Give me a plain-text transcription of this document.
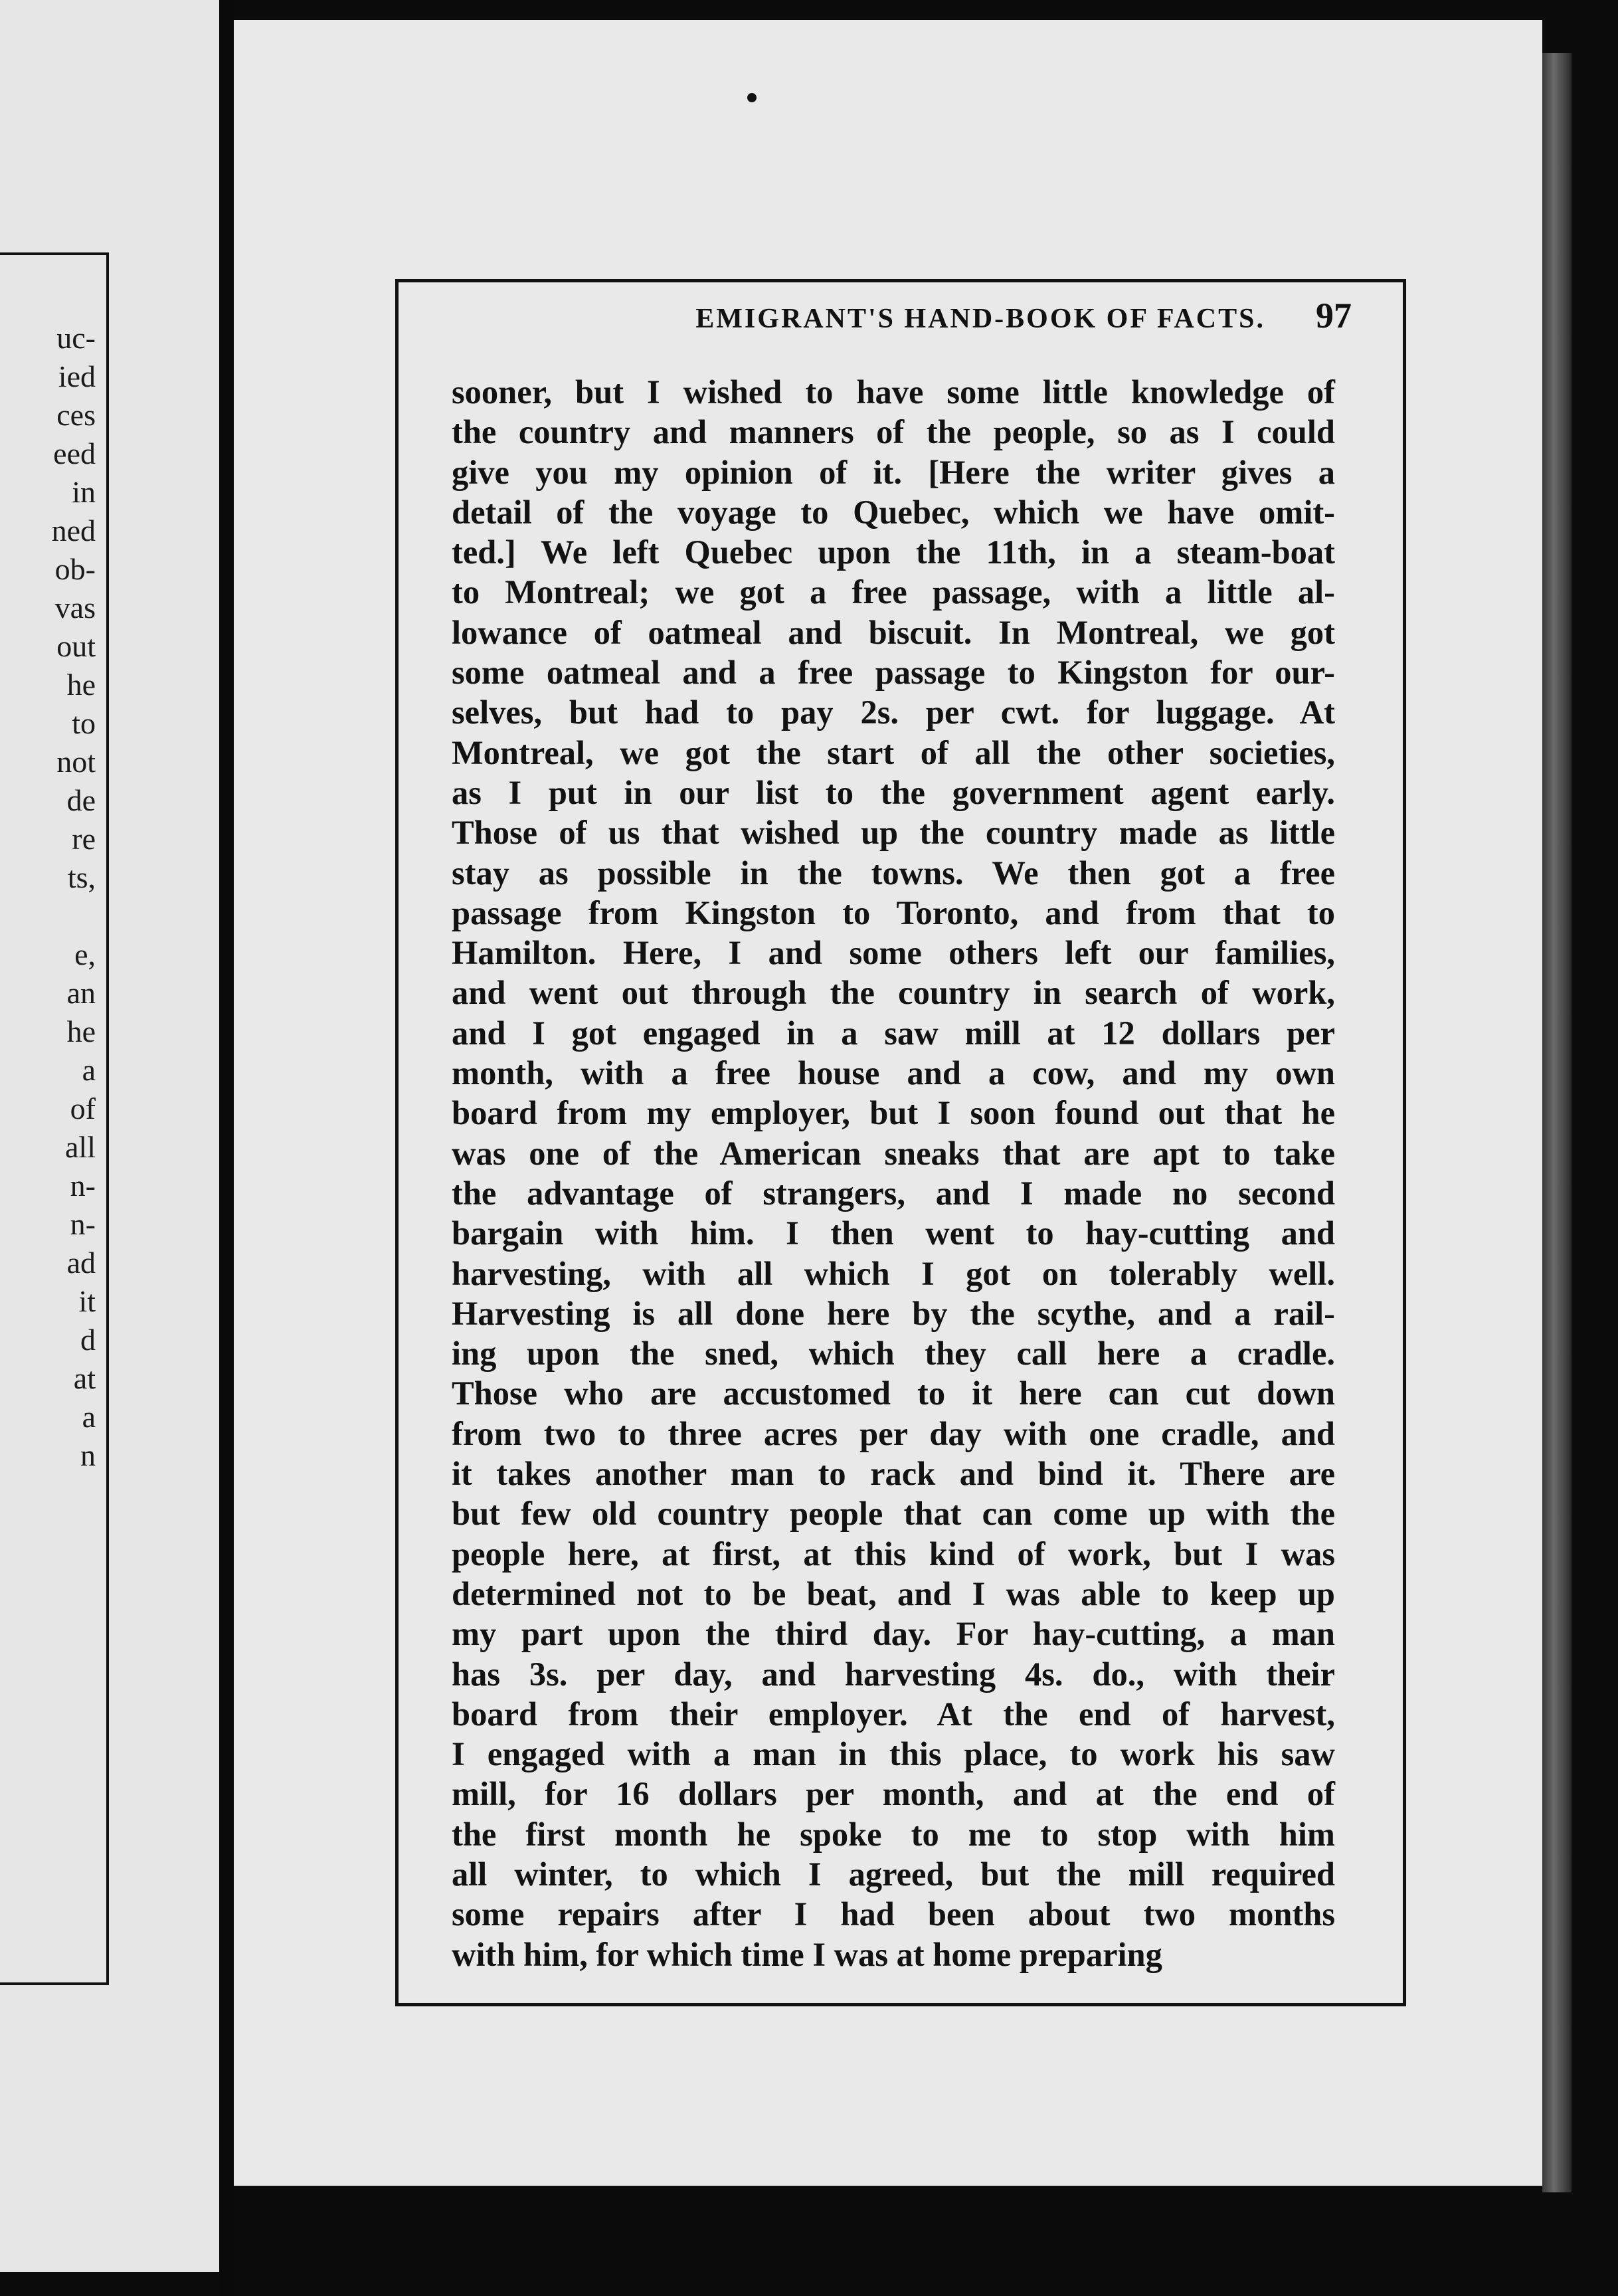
uc-
ied
ces
eed
in
ned
ob-
vas
out
he
to
not
de
re
ts,

e,
an
he
a
of
all
n-
n-
ad
it
d
at
a
n
EMIGRANT'S HAND-BOOK OF FACTS. 97
sooner, but I wished to have some little knowledge of
the country and manners of the people, so as I could
give you my opinion of it. [Here the writer gives a
detail of the voyage to Quebec, which we have omit-
ted.] We left Quebec upon the 11th, in a steam-boat
to Montreal; we got a free passage, with a little al-
lowance of oatmeal and biscuit. In Montreal, we got
some oatmeal and a free passage to Kingston for our-
selves, but had to pay 2s. per cwt. for luggage. At
Montreal, we got the start of all the other societies,
as I put in our list to the government agent early.
Those of us that wished up the country made as little
stay as possible in the towns. We then got a free
passage from Kingston to Toronto, and from that to
Hamilton. Here, I and some others left our families,
and went out through the country in search of work,
and I got engaged in a saw mill at 12 dollars per
month, with a free house and a cow, and my own
board from my employer, but I soon found out that he
was one of the American sneaks that are apt to take
the advantage of strangers, and I made no second
bargain with him. I then went to hay-cutting and
harvesting, with all which I got on tolerably well.
Harvesting is all done here by the scythe, and a rail-
ing upon the sned, which they call here a cradle.
Those who are accustomed to it here can cut down
from two to three acres per day with one cradle, and
it takes another man to rack and bind it. There are
but few old country people that can come up with the
people here, at first, at this kind of work, but I was
determined not to be beat, and I was able to keep up
my part upon the third day. For hay-cutting, a man
has 3s. per day, and harvesting 4s. do., with their
board from their employer. At the end of harvest,
I engaged with a man in this place, to work his saw
mill, for 16 dollars per month, and at the end of
the first month he spoke to me to stop with him
all winter, to which I agreed, but the mill required
some repairs after I had been about two months
with him, for which time I was at home preparing
